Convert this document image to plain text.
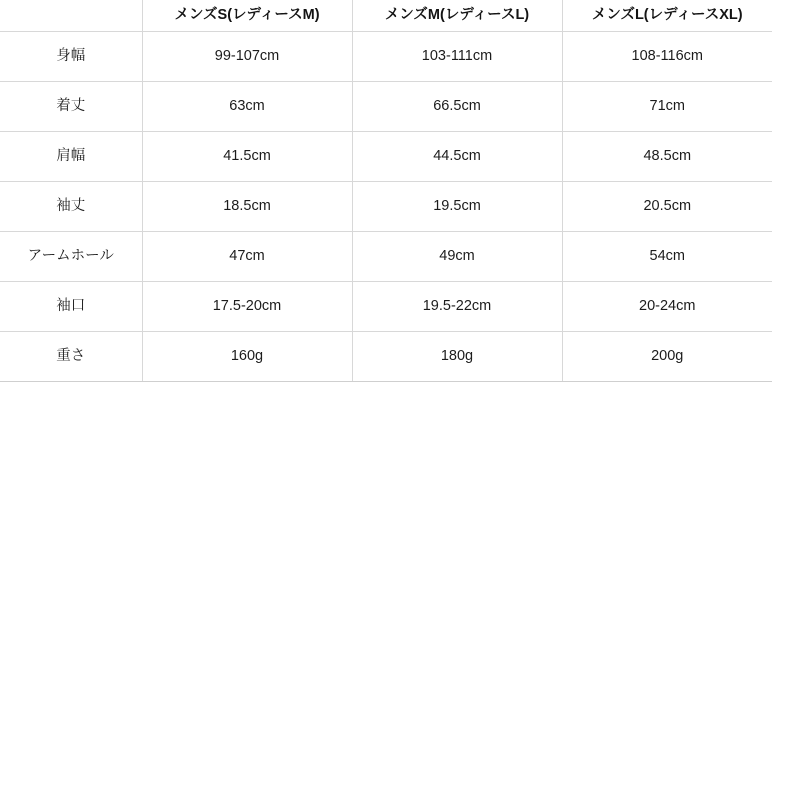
	メンズS(レディースM)	メンズM(レディースL)	メンズL(レディースXL)
身幅	99-107cm	103-111cm	108-116cm
着丈	63cm	66.5cm	71cm
肩幅	41.5cm	44.5cm	48.5cm
袖丈	18.5cm	19.5cm	20.5cm
アームホール	47cm	49cm	54cm
袖口	17.5-20cm	19.5-22cm	20-24cm
重さ	160g	180g	200g
